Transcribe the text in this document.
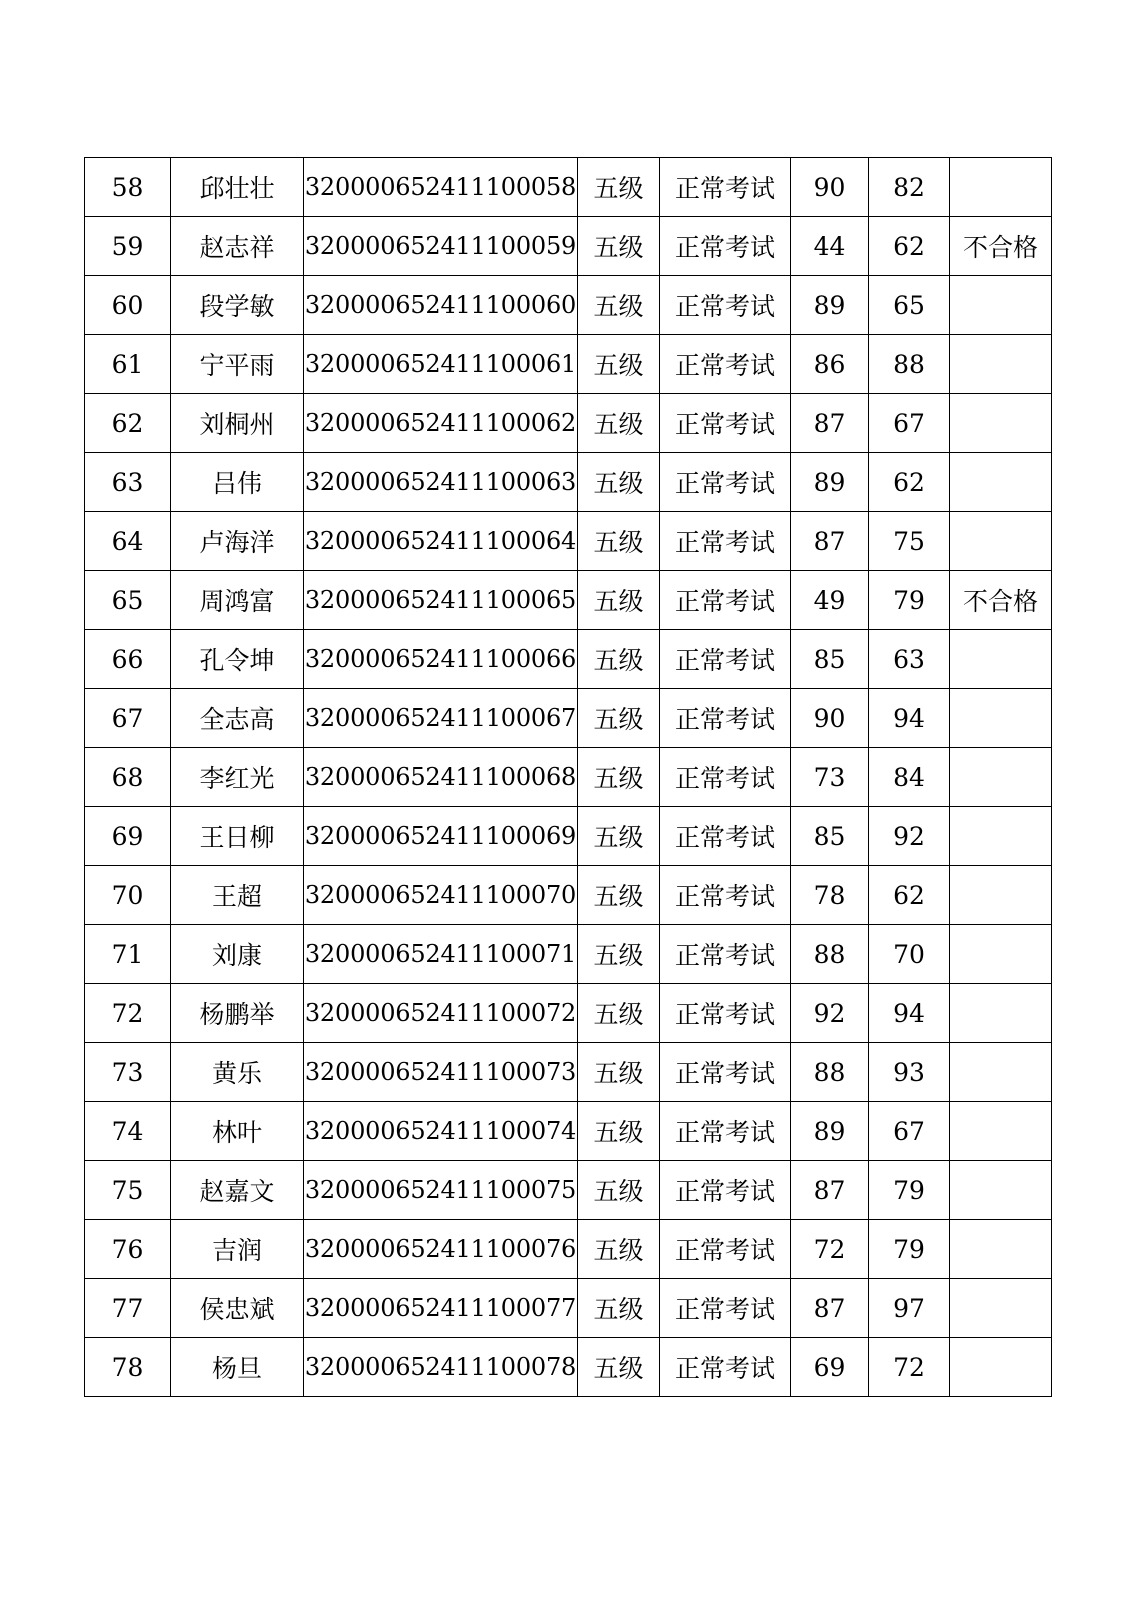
58	邱壮壮	320000652411100058	五级	正常考试	90	82	
59	赵志祥	320000652411100059	五级	正常考试	44	62	不合格
60	段学敏	320000652411100060	五级	正常考试	89	65	
61	宁平雨	320000652411100061	五级	正常考试	86	88	
62	刘桐州	320000652411100062	五级	正常考试	87	67	
63	吕伟	320000652411100063	五级	正常考试	89	62	
64	卢海洋	320000652411100064	五级	正常考试	87	75	
65	周鸿富	320000652411100065	五级	正常考试	49	79	不合格
66	孔令坤	320000652411100066	五级	正常考试	85	63	
67	全志高	320000652411100067	五级	正常考试	90	94	
68	李红光	320000652411100068	五级	正常考试	73	84	
69	王日柳	320000652411100069	五级	正常考试	85	92	
70	王超	320000652411100070	五级	正常考试	78	62	
71	刘康	320000652411100071	五级	正常考试	88	70	
72	杨鹏举	320000652411100072	五级	正常考试	92	94	
73	黄乐	320000652411100073	五级	正常考试	88	93	
74	林叶	320000652411100074	五级	正常考试	89	67	
75	赵嘉文	320000652411100075	五级	正常考试	87	79	
76	吉润	320000652411100076	五级	正常考试	72	79	
77	侯忠斌	320000652411100077	五级	正常考试	87	97	
78	杨旦	320000652411100078	五级	正常考试	69	72	
